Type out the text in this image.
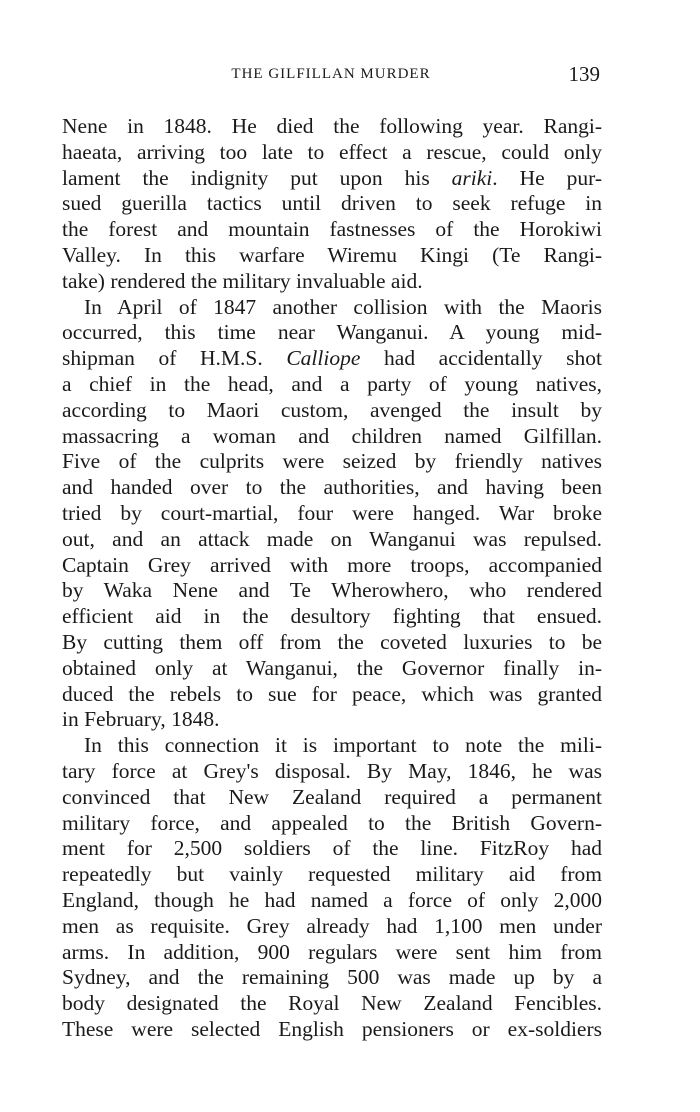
THE GILFILLAN MURDER	139
Nene in 1848. He died the following year. Rangi-
haeata, arriving too late to effect a rescue, could only
lament the indignity put upon his ariki. He pur-
sued guerilla tactics until driven to seek refuge in
the forest and mountain fastnesses of the Horokiwi
Valley. In this warfare Wiremu Kingi (Te Rangi-
take) rendered the military invaluable aid.
In April of 1847 another collision with the Maoris
occurred, this time near Wanganui. A young mid-
shipman of H.M.S. Calliope had accidentally shot
a chief in the head, and a party of young natives,
according to Maori custom, avenged the insult by
massacring a woman and children named Gilfillan.
Five of the culprits were seized by friendly natives
and handed over to the authorities, and having been
tried by court-martial, four were hanged. War broke
out, and an attack made on Wanganui was repulsed.
Captain Grey arrived with more troops, accompanied
by Waka Nene and Te Wherowhero, who rendered
efficient aid in the desultory fighting that ensued.
By cutting them off from the coveted luxuries to be
obtained only at Wanganui, the Governor finally in-
duced the rebels to sue for peace, which was granted
in February, 1848.
In this connection it is important to note the mili-
tary force at Grey's disposal. By May, 1846, he was
convinced that New Zealand required a permanent
military force, and appealed to the British Govern-
ment for 2,500 soldiers of the line. FitzRoy had
repeatedly but vainly requested military aid from
England, though he had named a force of only 2,000
men as requisite. Grey already had 1,100 men under
arms. In addition, 900 regulars were sent him from
Sydney, and the remaining 500 was made up by a
body designated the Royal New Zealand Fencibles.
These were selected English pensioners or ex-soldiers
